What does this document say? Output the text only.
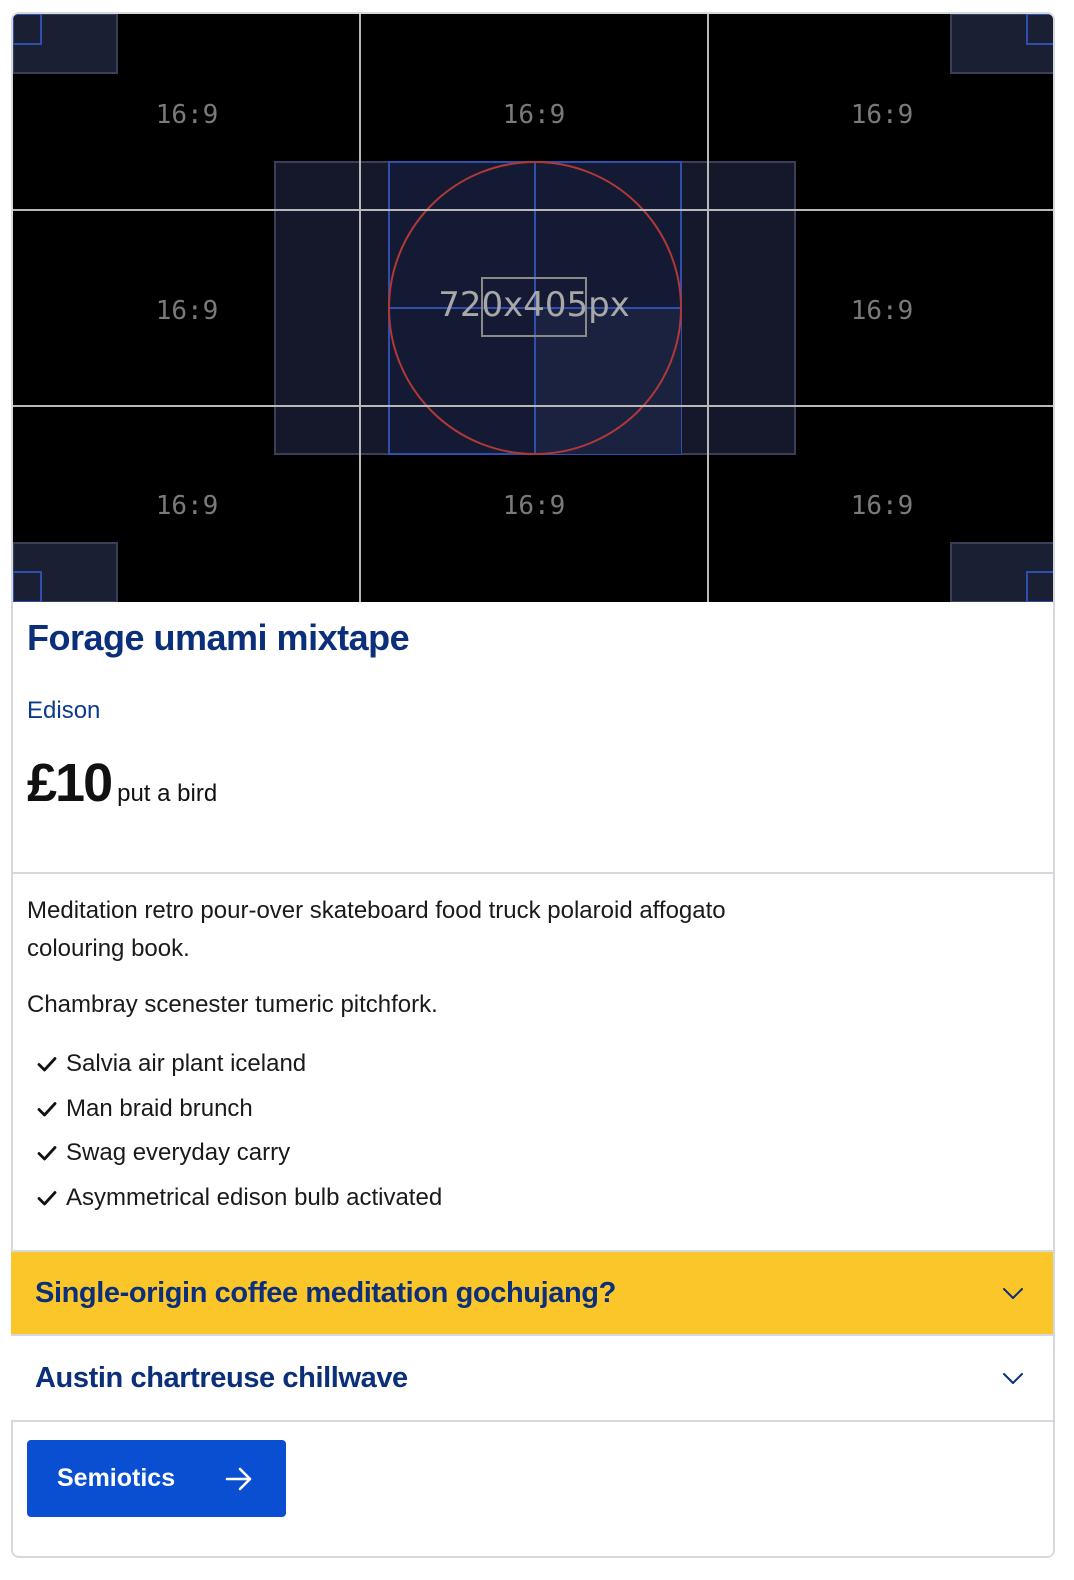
16:9	16:9	16:9
16:9	16:9
16:9	16:9	16:9
720x405px
Forage umami mixtape
Edison
£10 put a bird

Meditation retro pour-over skateboard food truck polaroid affogato colouring book.

Chambray scenester tumeric pitchfork.

Salvia air plant iceland
Man braid brunch
Swag everyday carry
Asymmetrical edison bulb activated
Single-origin coffee meditation gochujang?
Austin chartreuse chillwave
Semiotics
